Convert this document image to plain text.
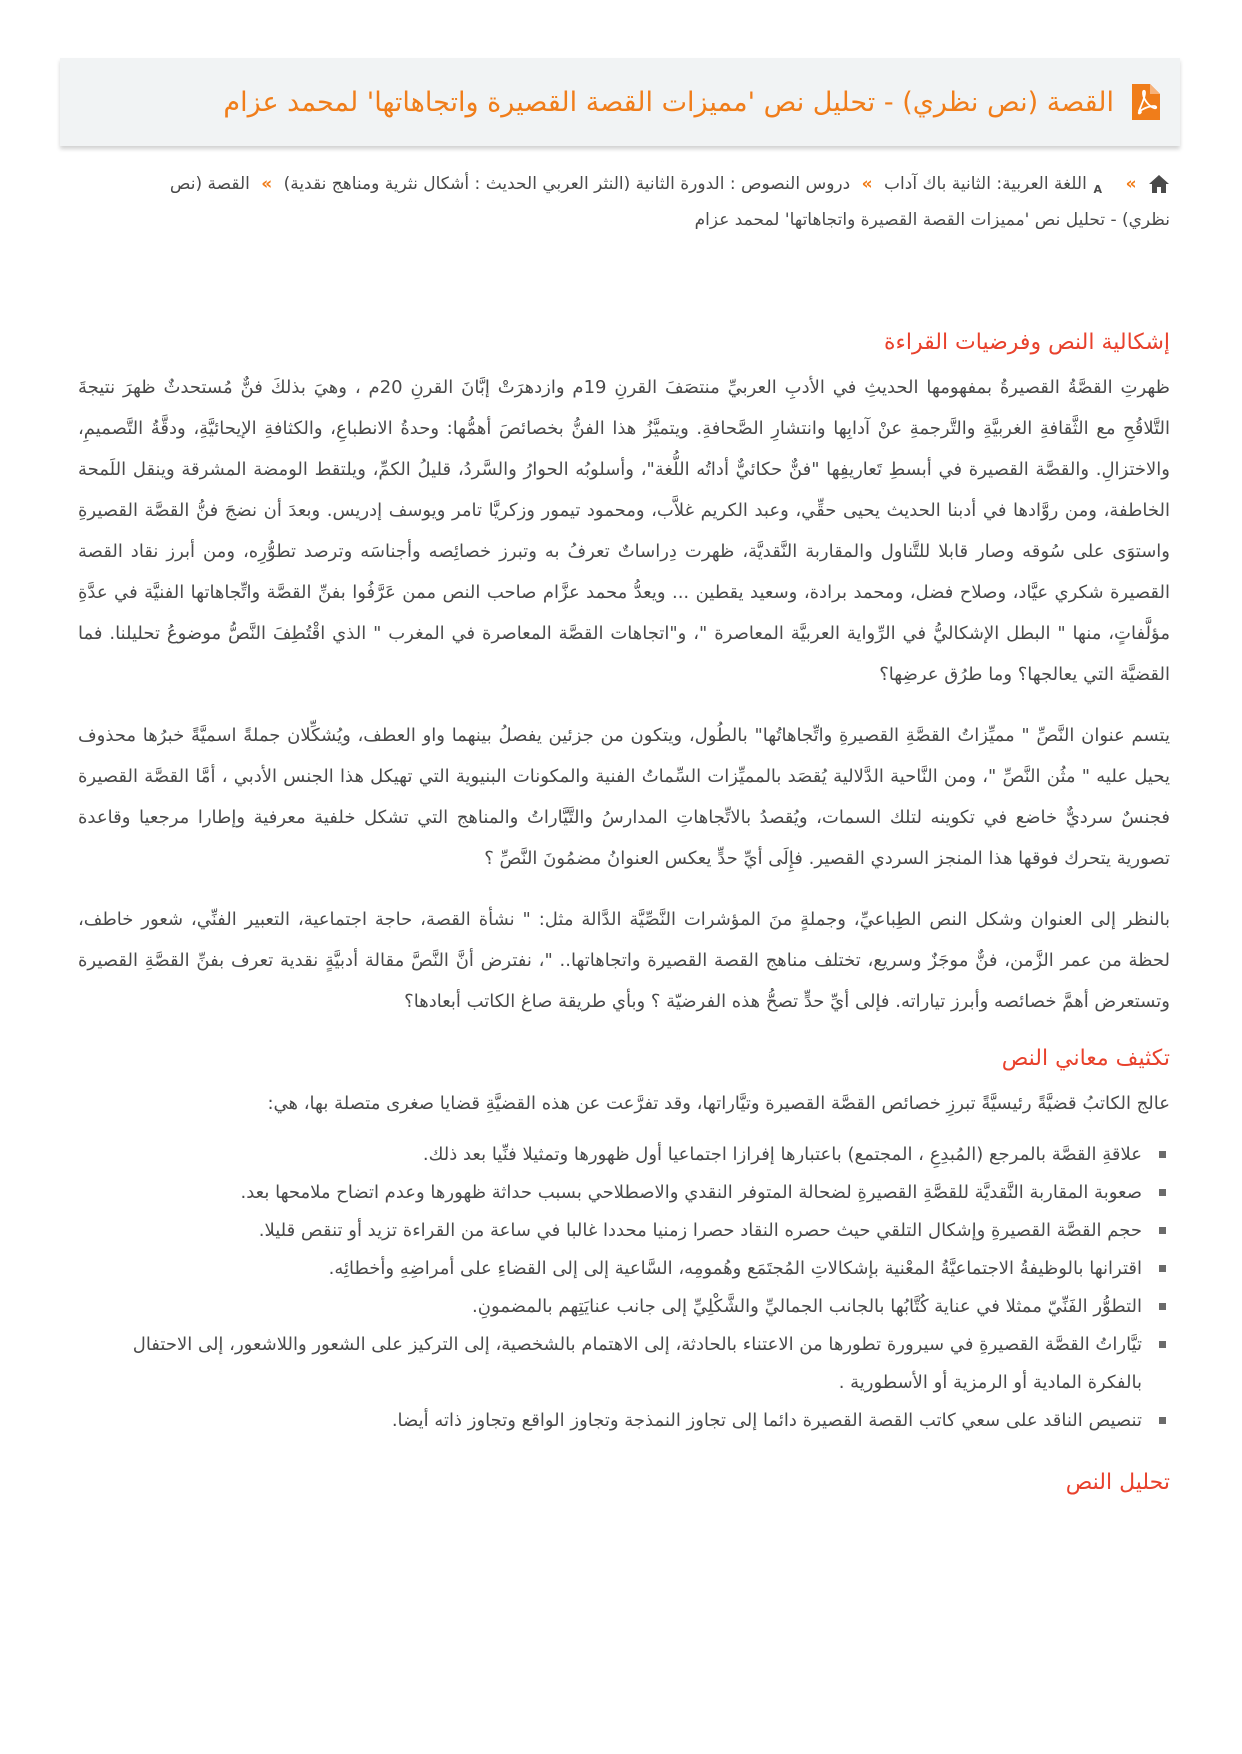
القصة (نص نظري) - تحليل نص 'مميزات القصة القصيرة واتجاهاتها' لمحمد عزام
»
A
اللغة العربية: الثانية باك آداب » دروس النصوص : الدورة الثانية (النثر العربي الحديث : أشكال نثرية ومناهج نقدية) » القصة (نص نظري) - تحليل نص 'مميزات القصة القصيرة واتجاهاتها' لمحمد عزام
إشكالية النص وفرضيات القراءة

ظهرتِ القصَّةُ القصيرةُ بمفهومها الحديثِ في الأدبِ العربيِّ منتصَفَ القرنِ 19م وازدهرَتْ إبَّانَ القرنِ 20م ، وهيَ بذلكَ فنٌّ مُستحدثٌ ظهرَ نتيجةَ التَّلاقُحِ مع الثَّقافةِ الغربيَّةِ والتَّرجمةِ عنْ آدابِها وانتشارِ الصَّحافةِ. ويتميَّزُ هذا الفنُّ بخصائصَ أهمُّها: وحدةُ الانطباعِ، والكثافةِ الإيحائيَّةِ، ودقَّةُ التَّصميمِ، والاختزالِ. والقصَّة القصيرة في أبسطِ تَعاريفِها "فنٌّ حكائيٌّ أداتُه اللُّغة"، وأسلوبُه الحوارُ والسَّردُ، قليلُ الكمِّ، ويلتقط الومضة المشرقة وينقل اللَمحة الخاطفة، ومن روَّادها في أدبنا الحديث يحيى حقِّي، وعبد الكريم غلاَّب، ومحمود تيمور وزكريَّا تامر ويوسف إدريس. وبعدَ أن نضجَ فنُّ القصَّة القصيرةِ واستوَى على سُوقه وصار قابلا للتَّناول والمقاربة النَّقديَّة، ظهرت دِراساتٌ تعرفُ به وتبرز خصائِصه وأجناسَه وترصد تطوُّرِه، ومن أبرز نقاد القصة القصيرة شكري عيَّاد، وصلاح فضل، ومحمد برادة، وسعيد يقطين ... ويعدُّ محمد عزَّام صاحب النص ممن عَرَّفُوا بفنِّ القصَّة واتِّجاهاتها الفنيَّة في عدَّةِ مؤلَّفاتٍ، منها " البطل الإشكاليُّ في الرِّواية العربيَّة المعاصرة "، و"اتجاهات القصَّة المعاصرة في المغرب " الذي اقْتُطِفَ النَّصُّ موضوعُ تحليلنا. فما القضيَّة التي يعالجها؟ وما طرُق عرضِها؟

يتسم عنوان النَّصِّ " مميِّزاتُ القصَّةِ القصيرةِ واتِّجاهاتُها" بالطُول، ويتكون من جزئين يفصلُ بينهما واو العطف، ويُشكِّلان جملةً اسميَّةً خبرُها محذوف يحيل عليه " مثُن النَّصِّ "، ومن النَّاحية الدَّلالية يُقصَد بالمميِّزات السِّماتُ الفنية والمكونات البنيوية التي تهيكل هذا الجنس الأدبي ، أمَّا القصَّة القصيرة فجنسٌ سرديٌّ خاضع في تكوينه لتلك السمات، ويُقصدُ بالاتِّجاهاتِ المدارسُ والتَّيَّاراتُ والمناهج التي تشكل خلفية معرفية وإطارا مرجعيا وقاعدة تصورية يتحرك فوقها هذا المنجز السردي القصير. فإِلَى أيِّ حدٍّ يعكس العنوانُ مضمُونَ النَّصِّ ؟

بالنظر إلى العنوان وشكل النص الطِباعيِّ، وجملةٍ منَ المؤشرات النَّصِّيَّة الدَّالة مثل: " نشأة القصة، حاجة اجتماعية، التعبير الفنِّي، شعور خاطف، لحظة من عمر الزَّمن، فنٌّ موجَزٌ وسريع، تختلف مناهج القصة القصيرة واتجاهاتها.. "، نفترض أنَّ النَّصَّ مقالة أدبيَّةٍ نقدية تعرف بفنِّ القصَّةِ القصيرة وتستعرض أهمَّ خصائصه وأبرز تياراته. فإلى أيِّ حدٍّ تصحُّ هذه الفرضيّة ؟ وبأي طريقة صاغ الكاتب أبعادها؟

تكثيف معاني النص

عالج الكاتبُ قضيَّةً رئيسيَّةً تبرزِ خصائص القصَّة القصيرة وتيَّاراتها، وقد تفرَّعت عن هذه القضيَّةِ قضايا صغرى متصلة بها، هي:

علاقةِ القصَّة بالمرجع (المُبدِعِ ، المجتمع) باعتبارها إفرازا اجتماعيا أول ظهورها وتمثيلا فنِّيا بعد ذلك.
صعوبة المقاربة النَّقديَّة للقصَّةِ القصيرةِ لضحالة المتوفر النقدي والاصطلاحي بسبب حداثة ظهورها وعدم اتضاح ملامحها بعد.
حجم القصَّة القصيرةِ وإشكال التلقي حيث حصره النقاد حصرا زمنيا محددا غالبا في ساعة من القراءة تزيد أو تنقص قليلا.
اقترانها بالوظيفةُ الاجتماعيَّةُ المعْنية بإشكالاتِ المُجتَمَع وهُمومِه، السَّاعية إلى إلى القضاءِ على أمراضِهِ وأخطائِه.
التطوُّر الفَنِّيّ ممثلا في عناية كُتَّابُها بالجانب الجماليِّ والشَّكْلِيِّ إلى جانب عنايَتِهم بالمضمونِ.
تيَّاراتُ القصَّة القصيرةِ في سيرورة تطورها من الاعتناء بالحادثة، إلى الاهتمام بالشخصية، إلى التركيز على الشعور واللاشعور، إلى الاحتفال بالفكرة المادية أو الرمزية أو الأسطورية .
تنصيص الناقد على سعي كاتب القصة القصيرة دائما إلى تجاوز النمذجة وتجاوز الواقع وتجاوز ذاته أيضا.
تحليل النص
